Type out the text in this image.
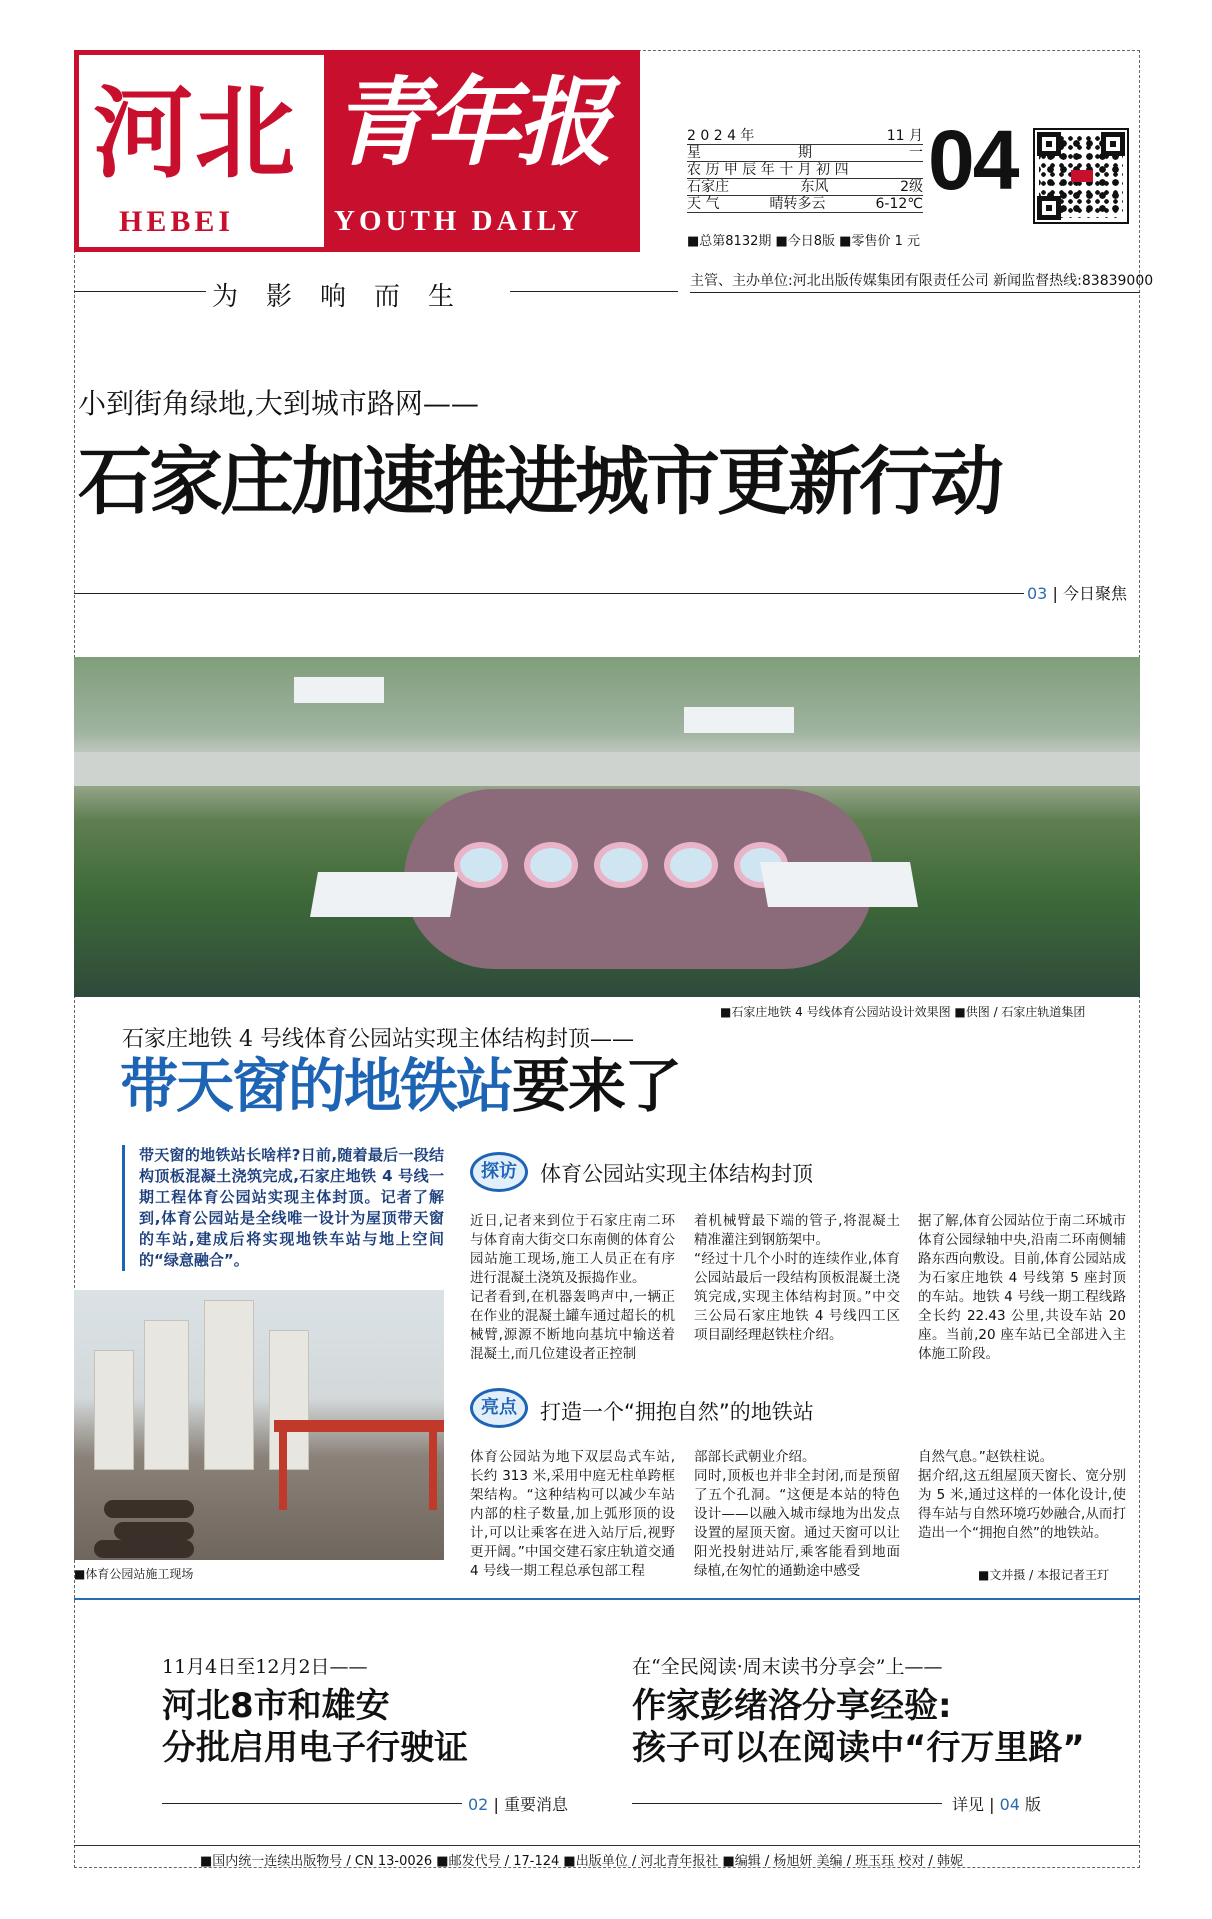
河北
HEBEI
青年报
YOUTH DAILY
2 0 2 4 年	11 月
星	期	一
农 历 甲 辰 年 十 月 初 四
石家庄	东风	2级
天 气	晴转多云	6-12℃ 04
■总第8132期 ■今日8版 ■零售价 1 元
为影响而生
主管、主办单位:河北出版传媒集团有限责任公司 新闻监督热线:83839000
小到街角绿地,大到城市路网——
石家庄加速推进城市更新行动
03 | 今日聚焦
■石家庄地铁 4 号线体育公园站设计效果图 ■供图 / 石家庄轨道集团
石家庄地铁 4 号线体育公园站实现主体结构封顶——
带天窗的地铁站要来了
带天窗的地铁站长啥样?日前,随着最后一段结构顶板混凝土浇筑完成,石家庄地铁 4 号线一期工程体育公园站实现主体封顶。记者了解到,体育公园站是全线唯一设计为屋顶带天窗的车站,建成后将实现地铁车站与地上空间的“绿意融合”。
■体育公园站施工现场
探访	体育公园站实现主体结构封顶
近日,记者来到位于石家庄南二环与体育南大街交口东南侧的体育公园站施工现场,施工人员正在有序进行混凝土浇筑及振捣作业。
记者看到,在机器轰鸣声中,一辆正在作业的混凝土罐车通过超长的机械臂,源源不断地向基坑中输送着混凝土,而几位建设者正控制
着机械臂最下端的管子,将混凝土精准灌注到钢筋架中。
“经过十几个小时的连续作业,体育公园站最后一段结构顶板混凝土浇筑完成,实现主体结构封顶。”中交三公局石家庄地铁 4 号线四工区项目副经理赵铁柱介绍。
据了解,体育公园站位于南二环城市体育公园绿轴中央,沿南二环南侧辅路东西向敷设。目前,体育公园站成为石家庄地铁 4 号线第 5 座封顶的车站。地铁 4 号线一期工程线路全长约 22.43 公里,共设车站 20 座。当前,20 座车站已全部进入主体施工阶段。
亮点	打造一个“拥抱自然”的地铁站
体育公园站为地下双层岛式车站,长约 313 米,采用中庭无柱单跨框架结构。“这种结构可以减少车站内部的柱子数量,加上弧形顶的设计,可以让乘客在进入站厅后,视野更开阔。”中国交建石家庄轨道交通 4 号线一期工程总承包部工程
部部长武朝业介绍。
同时,顶板也并非全封闭,而是预留了五个孔洞。“这便是本站的特色设计——以融入城市绿地为出发点设置的屋顶天窗。通过天窗可以让阳光投射进站厅,乘客能看到地面绿植,在匆忙的通勤途中感受
自然气息。”赵铁柱说。
据介绍,这五组屋顶天窗长、宽分别为 5 米,通过这样的一体化设计,使得车站与自然环境巧妙融合,从而打造出一个“拥抱自然”的地铁站。
■文并摄 / 本报记者王玎
11月4日至12月2日——
河北8市和雄安
分批启用电子行驶证
02 | 重要消息
在“全民阅读·周末读书分享会”上——
作家彭绪洛分享经验:
孩子可以在阅读中“行万里路”
详见 | 04 版
■国内统一连续出版物号 / CN 13-0026 ■邮发代号 / 17-124 ■出版单位 / 河北青年报社 ■编辑 / 杨旭妍 美编 / 班玉珏 校对 / 韩妮
